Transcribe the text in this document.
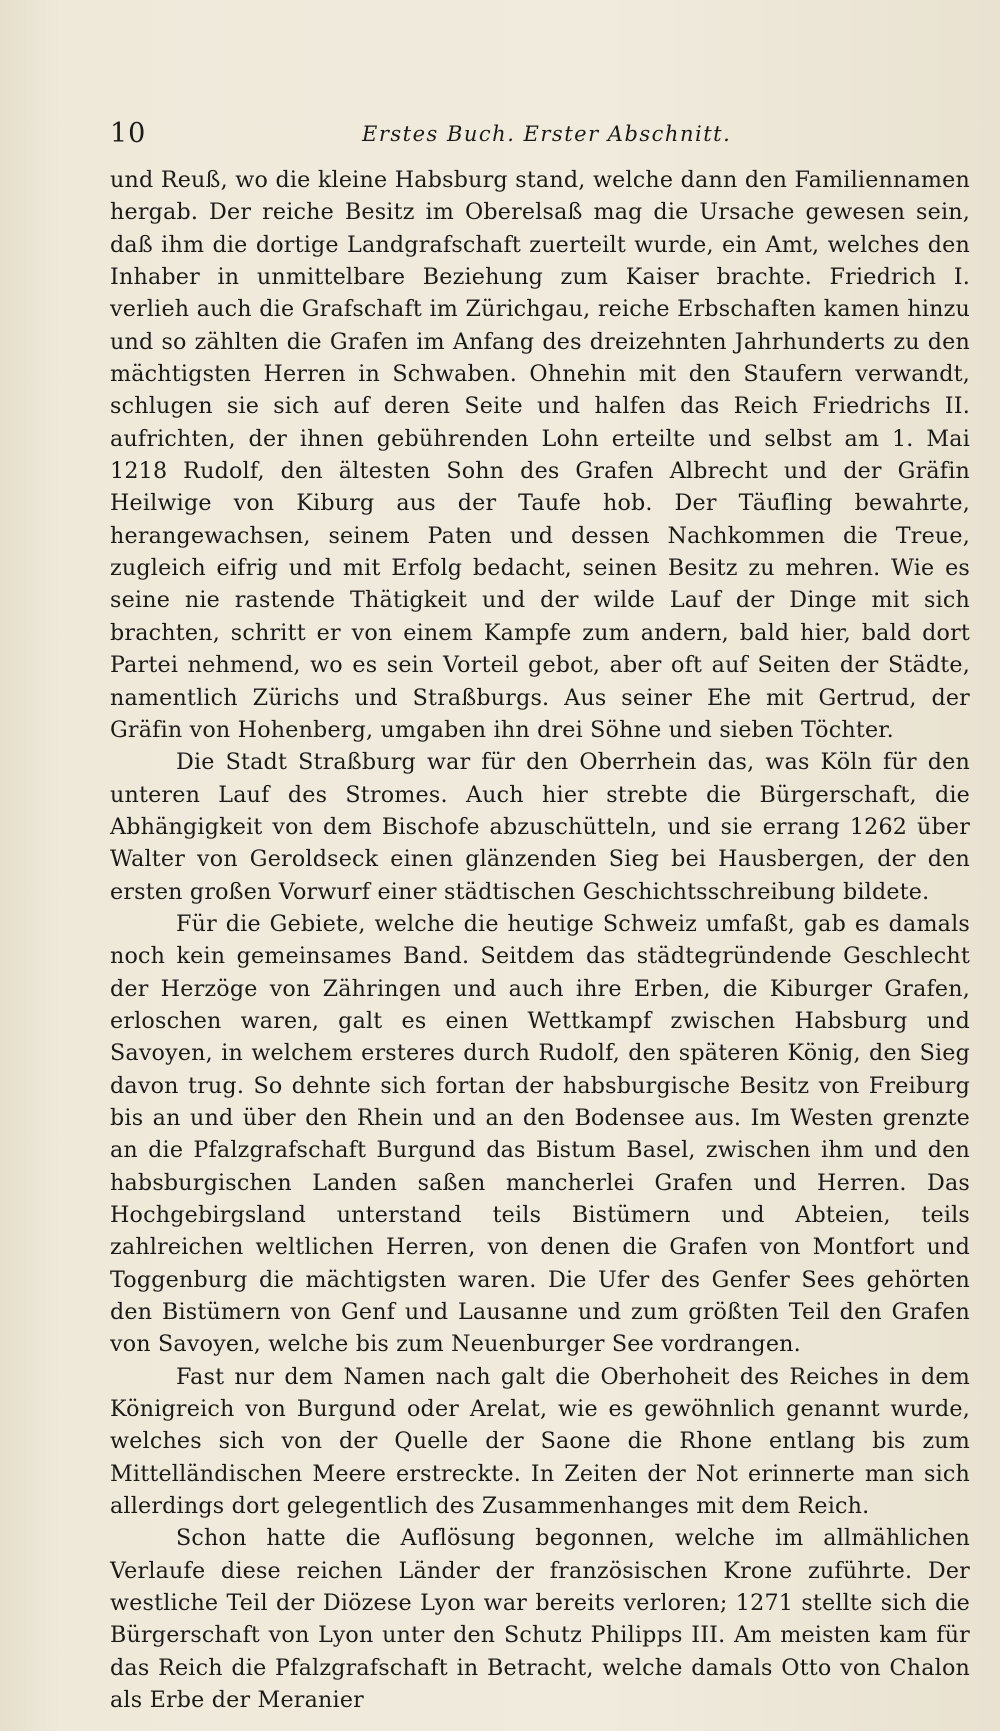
10	Erstes Buch. Erster Abschnitt.

und Reuß, wo die kleine Habsburg stand, welche dann den Familiennamen hergab. Der reiche Besitz im Oberelsaß mag die Ursache gewesen sein, daß ihm die dortige Landgrafschaft zuerteilt wurde, ein Amt, welches den Inhaber in unmittelbare Beziehung zum Kaiser brachte. Friedrich I. verlieh auch die Grafschaft im Zürichgau, reiche Erbschaften kamen hinzu und so zählten die Grafen im Anfang des dreizehnten Jahrhunderts zu den mächtigsten Herren in Schwaben. Ohnehin mit den Staufern verwandt, schlugen sie sich auf deren Seite und halfen das Reich Friedrichs II. aufrichten, der ihnen gebührenden Lohn erteilte und selbst am 1. Mai 1218 Rudolf, den ältesten Sohn des Grafen Albrecht und der Gräfin Heilwige von Kiburg aus der Taufe hob. Der Täufling bewahrte, herangewachsen, seinem Paten und dessen Nachkommen die Treue, zugleich eifrig und mit Erfolg bedacht, seinen Besitz zu mehren. Wie es seine nie rastende Thätigkeit und der wilde Lauf der Dinge mit sich brachten, schritt er von einem Kampfe zum andern, bald hier, bald dort Partei nehmend, wo es sein Vorteil gebot, aber oft auf Seiten der Städte, namentlich Zürichs und Straßburgs. Aus seiner Ehe mit Gertrud, der Gräfin von Hohenberg, umgaben ihn drei Söhne und sieben Töchter.

Die Stadt Straßburg war für den Oberrhein das, was Köln für den unteren Lauf des Stromes. Auch hier strebte die Bürgerschaft, die Abhängigkeit von dem Bischofe abzuschütteln, und sie errang 1262 über Walter von Geroldseck einen glänzenden Sieg bei Hausbergen, der den ersten großen Vorwurf einer städtischen Geschichtsschreibung bildete.

Für die Gebiete, welche die heutige Schweiz umfaßt, gab es damals noch kein gemeinsames Band. Seitdem das städtegründende Geschlecht der Herzöge von Zähringen und auch ihre Erben, die Kiburger Grafen, erloschen waren, galt es einen Wettkampf zwischen Habsburg und Savoyen, in welchem ersteres durch Rudolf, den späteren König, den Sieg davon trug. So dehnte sich fortan der habsburgische Besitz von Freiburg bis an und über den Rhein und an den Bodensee aus. Im Westen grenzte an die Pfalzgrafschaft Burgund das Bistum Basel, zwischen ihm und den habsburgischen Landen saßen mancherlei Grafen und Herren. Das Hochgebirgsland unterstand teils Bistümern und Abteien, teils zahlreichen weltlichen Herren, von denen die Grafen von Montfort und Toggenburg die mächtigsten waren. Die Ufer des Genfer Sees gehörten den Bistümern von Genf und Lausanne und zum größten Teil den Grafen von Savoyen, welche bis zum Neuenburger See vordrangen.

Fast nur dem Namen nach galt die Oberhoheit des Reiches in dem Königreich von Burgund oder Arelat, wie es gewöhnlich genannt wurde, welches sich von der Quelle der Saone die Rhone entlang bis zum Mittelländischen Meere erstreckte. In Zeiten der Not erinnerte man sich allerdings dort gelegentlich des Zusammenhanges mit dem Reich.

Schon hatte die Auflösung begonnen, welche im allmählichen Verlaufe diese reichen Länder der französischen Krone zuführte. Der westliche Teil der Diözese Lyon war bereits verloren; 1271 stellte sich die Bürgerschaft von Lyon unter den Schutz Philipps III. Am meisten kam für das Reich die Pfalzgrafschaft in Betracht, welche damals Otto von Chalon als Erbe der Meranier
